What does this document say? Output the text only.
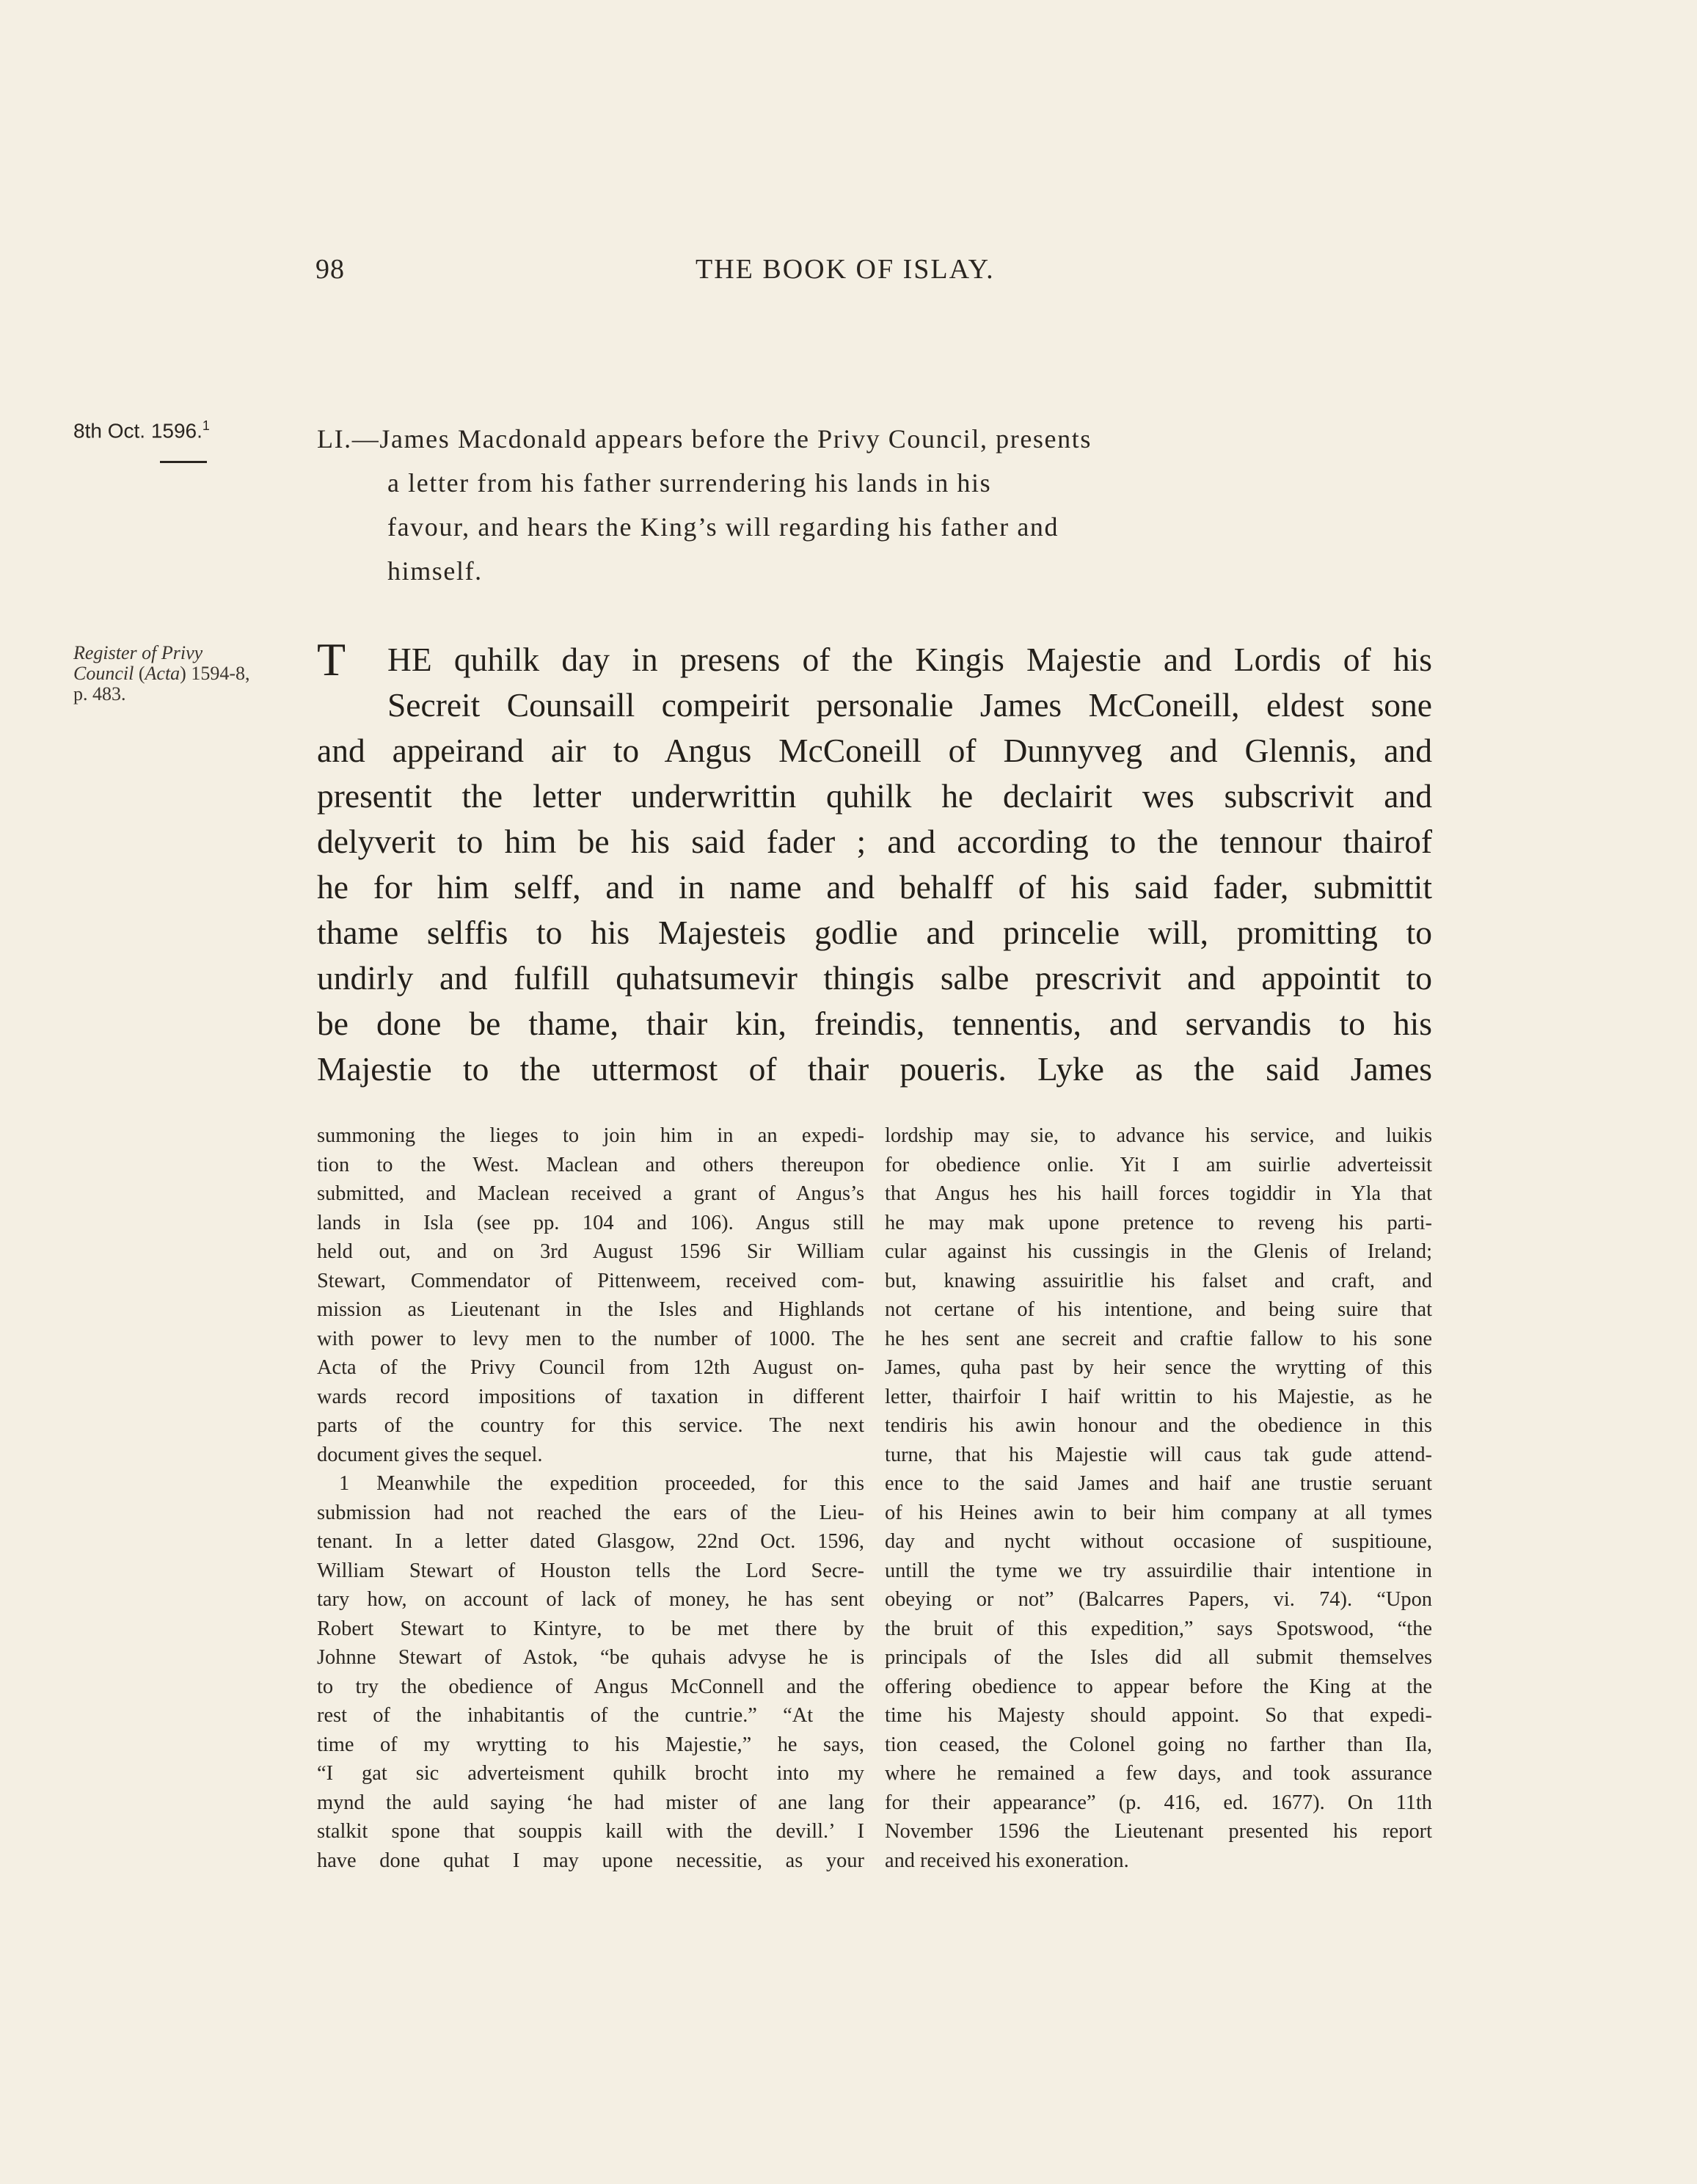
98	THE BOOK OF ISLAY.
8th Oct. 1596.$^1$	LI.—James Macdonald appears before the Privy Council, presents
a letter from his father surrendering his lands in his
favour, and hears the King’s will regarding his father and
himself.
Register of Privy
Council (Acta) 1594-8,
p. 483.
T	HE quhilk day in presens of the Kingis Majestie and Lordis of his
Secreit Counsaill compeirit personalie James McConeill, eldest sone
and appeirand air to Angus McConeill of Dunnyveg and Glennis, and
presentit the letter underwrittin quhilk he declairit wes subscrivit and
delyverit to him be his said fader ; and according to the tennour thairof
he for him selff, and in name and behalff of his said fader, submittit
thame selffis to his Majesteis godlie and princelie will, promitting to
undirly and fulfill quhatsumevir thingis salbe prescrivit and appointit to
be done be thame, thair kin, freindis, tennentis, and servandis to his
Majestie to the uttermost of thair poueris. Lyke as the said James
summoning the lieges to join him in an expedi-
tion to the West. Maclean and others thereupon
submitted, and Maclean received a grant of Angus’s
lands in Isla (see pp. 104 and 106). Angus still
held out, and on 3rd August 1596 Sir William
Stewart, Commendator of Pittenweem, received com-
mission as Lieutenant in the Isles and Highlands
with power to levy men to the number of 1000. The
Acta of the Privy Council from 12th August on-
wards record impositions of taxation in different
parts of the country for this service. The next
document gives the sequel.
1 Meanwhile the expedition proceeded, for this
submission had not reached the ears of the Lieu-
tenant. In a letter dated Glasgow, 22nd Oct. 1596,
William Stewart of Houston tells the Lord Secre-
tary how, on account of lack of money, he has sent
Robert Stewart to Kintyre, to be met there by
Johnne Stewart of Astok, “be quhais advyse he is
to try the obedience of Angus McConnell and the
rest of the inhabitantis of the cuntrie.” “At the
time of my wrytting to his Majestie,” he says,
“I gat sic adverteisment quhilk brocht into my
mynd the auld saying ‘he had mister of ane lang
stalkit spone that souppis kaill with the devill.’ I
have done quhat I may upone necessitie, as your
lordship may sie, to advance his service, and luikis
for obedience onlie. Yit I am suirlie adverteissit
that Angus hes his haill forces togiddir in Yla that
he may mak upone pretence to reveng his parti-
cular against his cussingis in the Glenis of Ireland;
but, knawing assuiritlie his falset and craft, and
not certane of his intentione, and being suire that
he hes sent ane secreit and craftie fallow to his sone
James, quha past by heir sence the wrytting of this
letter, thairfoir I haif writtin to his Majestie, as he
tendiris his awin honour and the obedience in this
turne, that his Majestie will caus tak gude attend-
ence to the said James and haif ane trustie seruant
of his Heines awin to beir him company at all tymes
day and nycht without occasione of suspitioune,
untill the tyme we try assuirdilie thair intentione in
obeying or not” (Balcarres Papers, vi. 74). “Upon
the bruit of this expedition,” says Spotswood, “the
principals of the Isles did all submit themselves
offering obedience to appear before the King at the
time his Majesty should appoint. So that expedi-
tion ceased, the Colonel going no farther than Ila,
where he remained a few days, and took assurance
for their appearance” (p. 416, ed. 1677). On 11th
November 1596 the Lieutenant presented his report
and received his exoneration.
